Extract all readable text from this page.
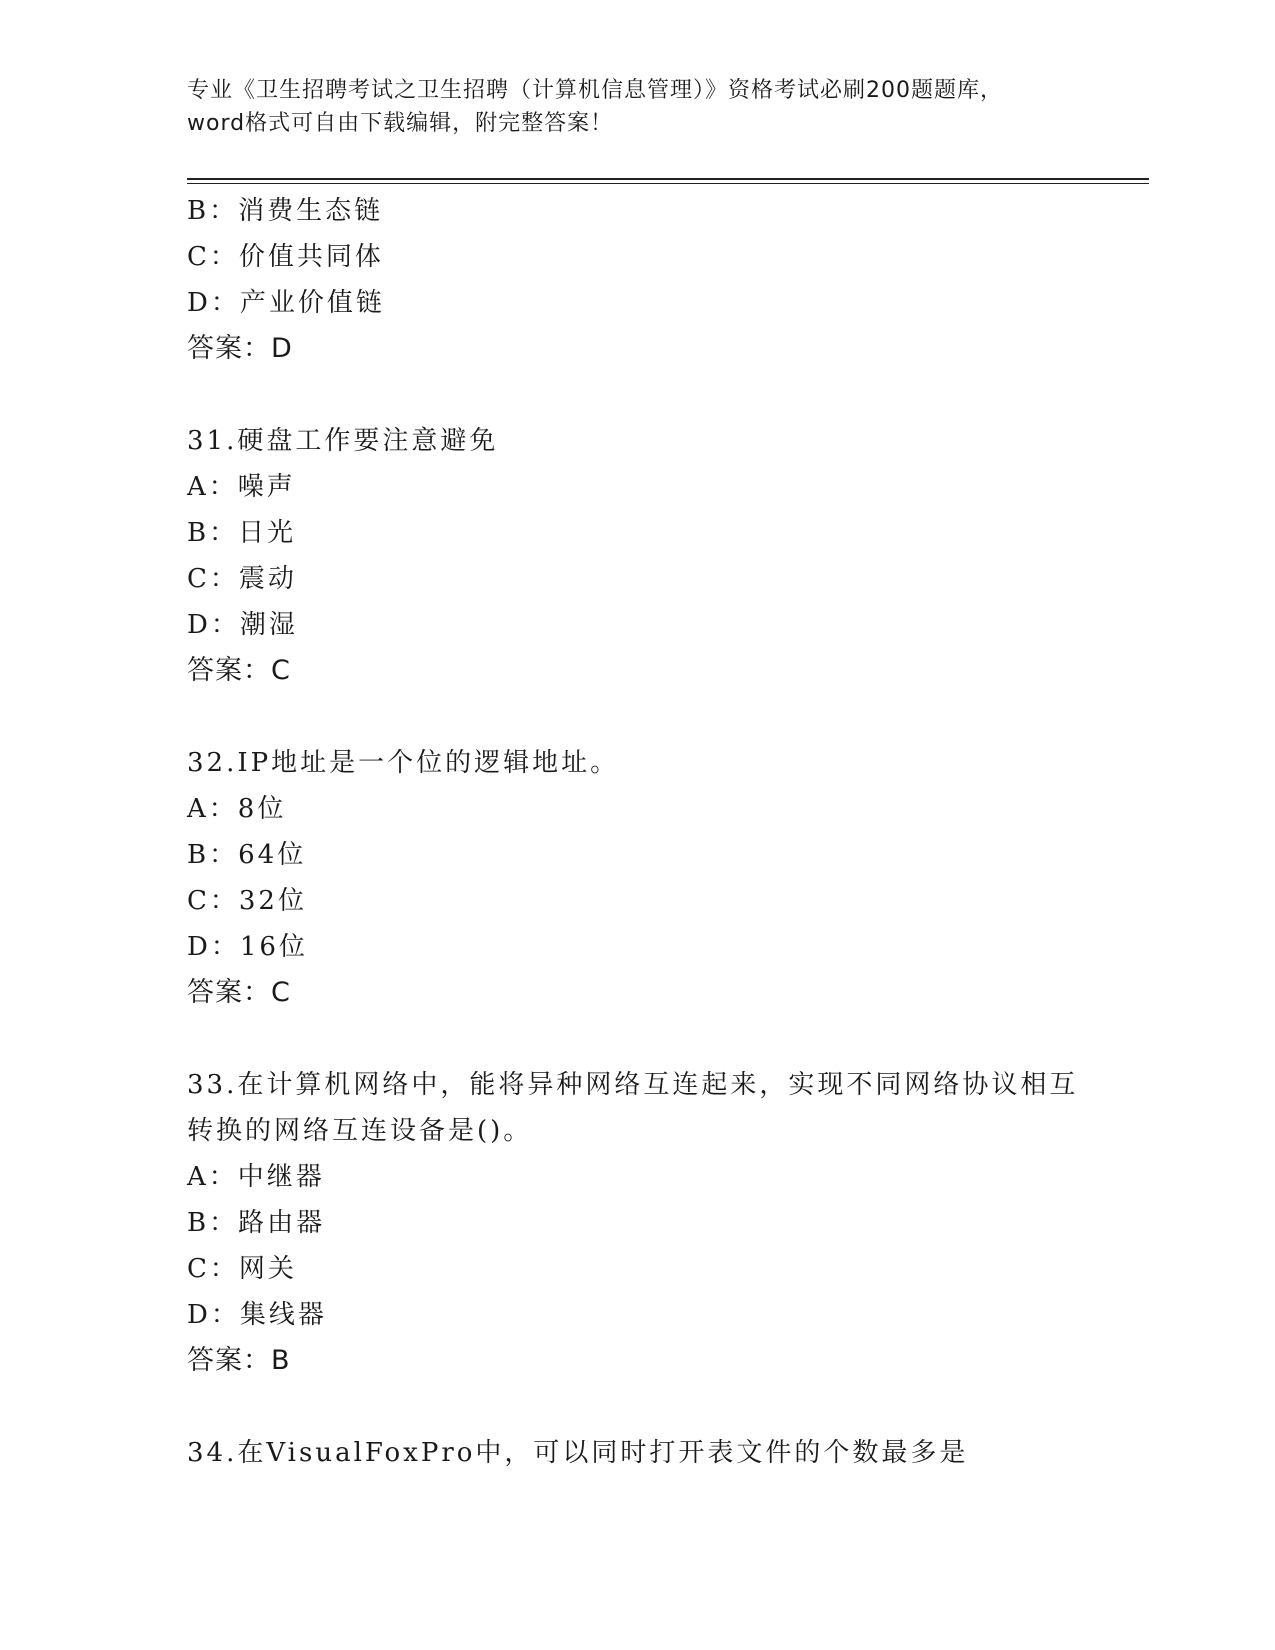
专业《卫生招聘考试之卫生招聘（计算机信息管理）》资格考试必刷200题题库，
word格式可自由下载编辑，附完整答案！
B：消费生态链
C：价值共同体
D：产业价值链
答案：D
31.硬盘工作要注意避免
A：噪声
B：日光
C：震动
D：潮湿
答案：C
32.IP地址是一个位的逻辑地址。
A：8位
B：64位
C：32位
D：16位
答案：C
33.在计算机网络中，能将异种网络互连起来，实现不同网络协议相互
转换的网络互连设备是()。
A：中继器
B：路由器
C：网关
D：集线器
答案：B
34.在VisualFoxPro中，可以同时打开表文件的个数最多是
